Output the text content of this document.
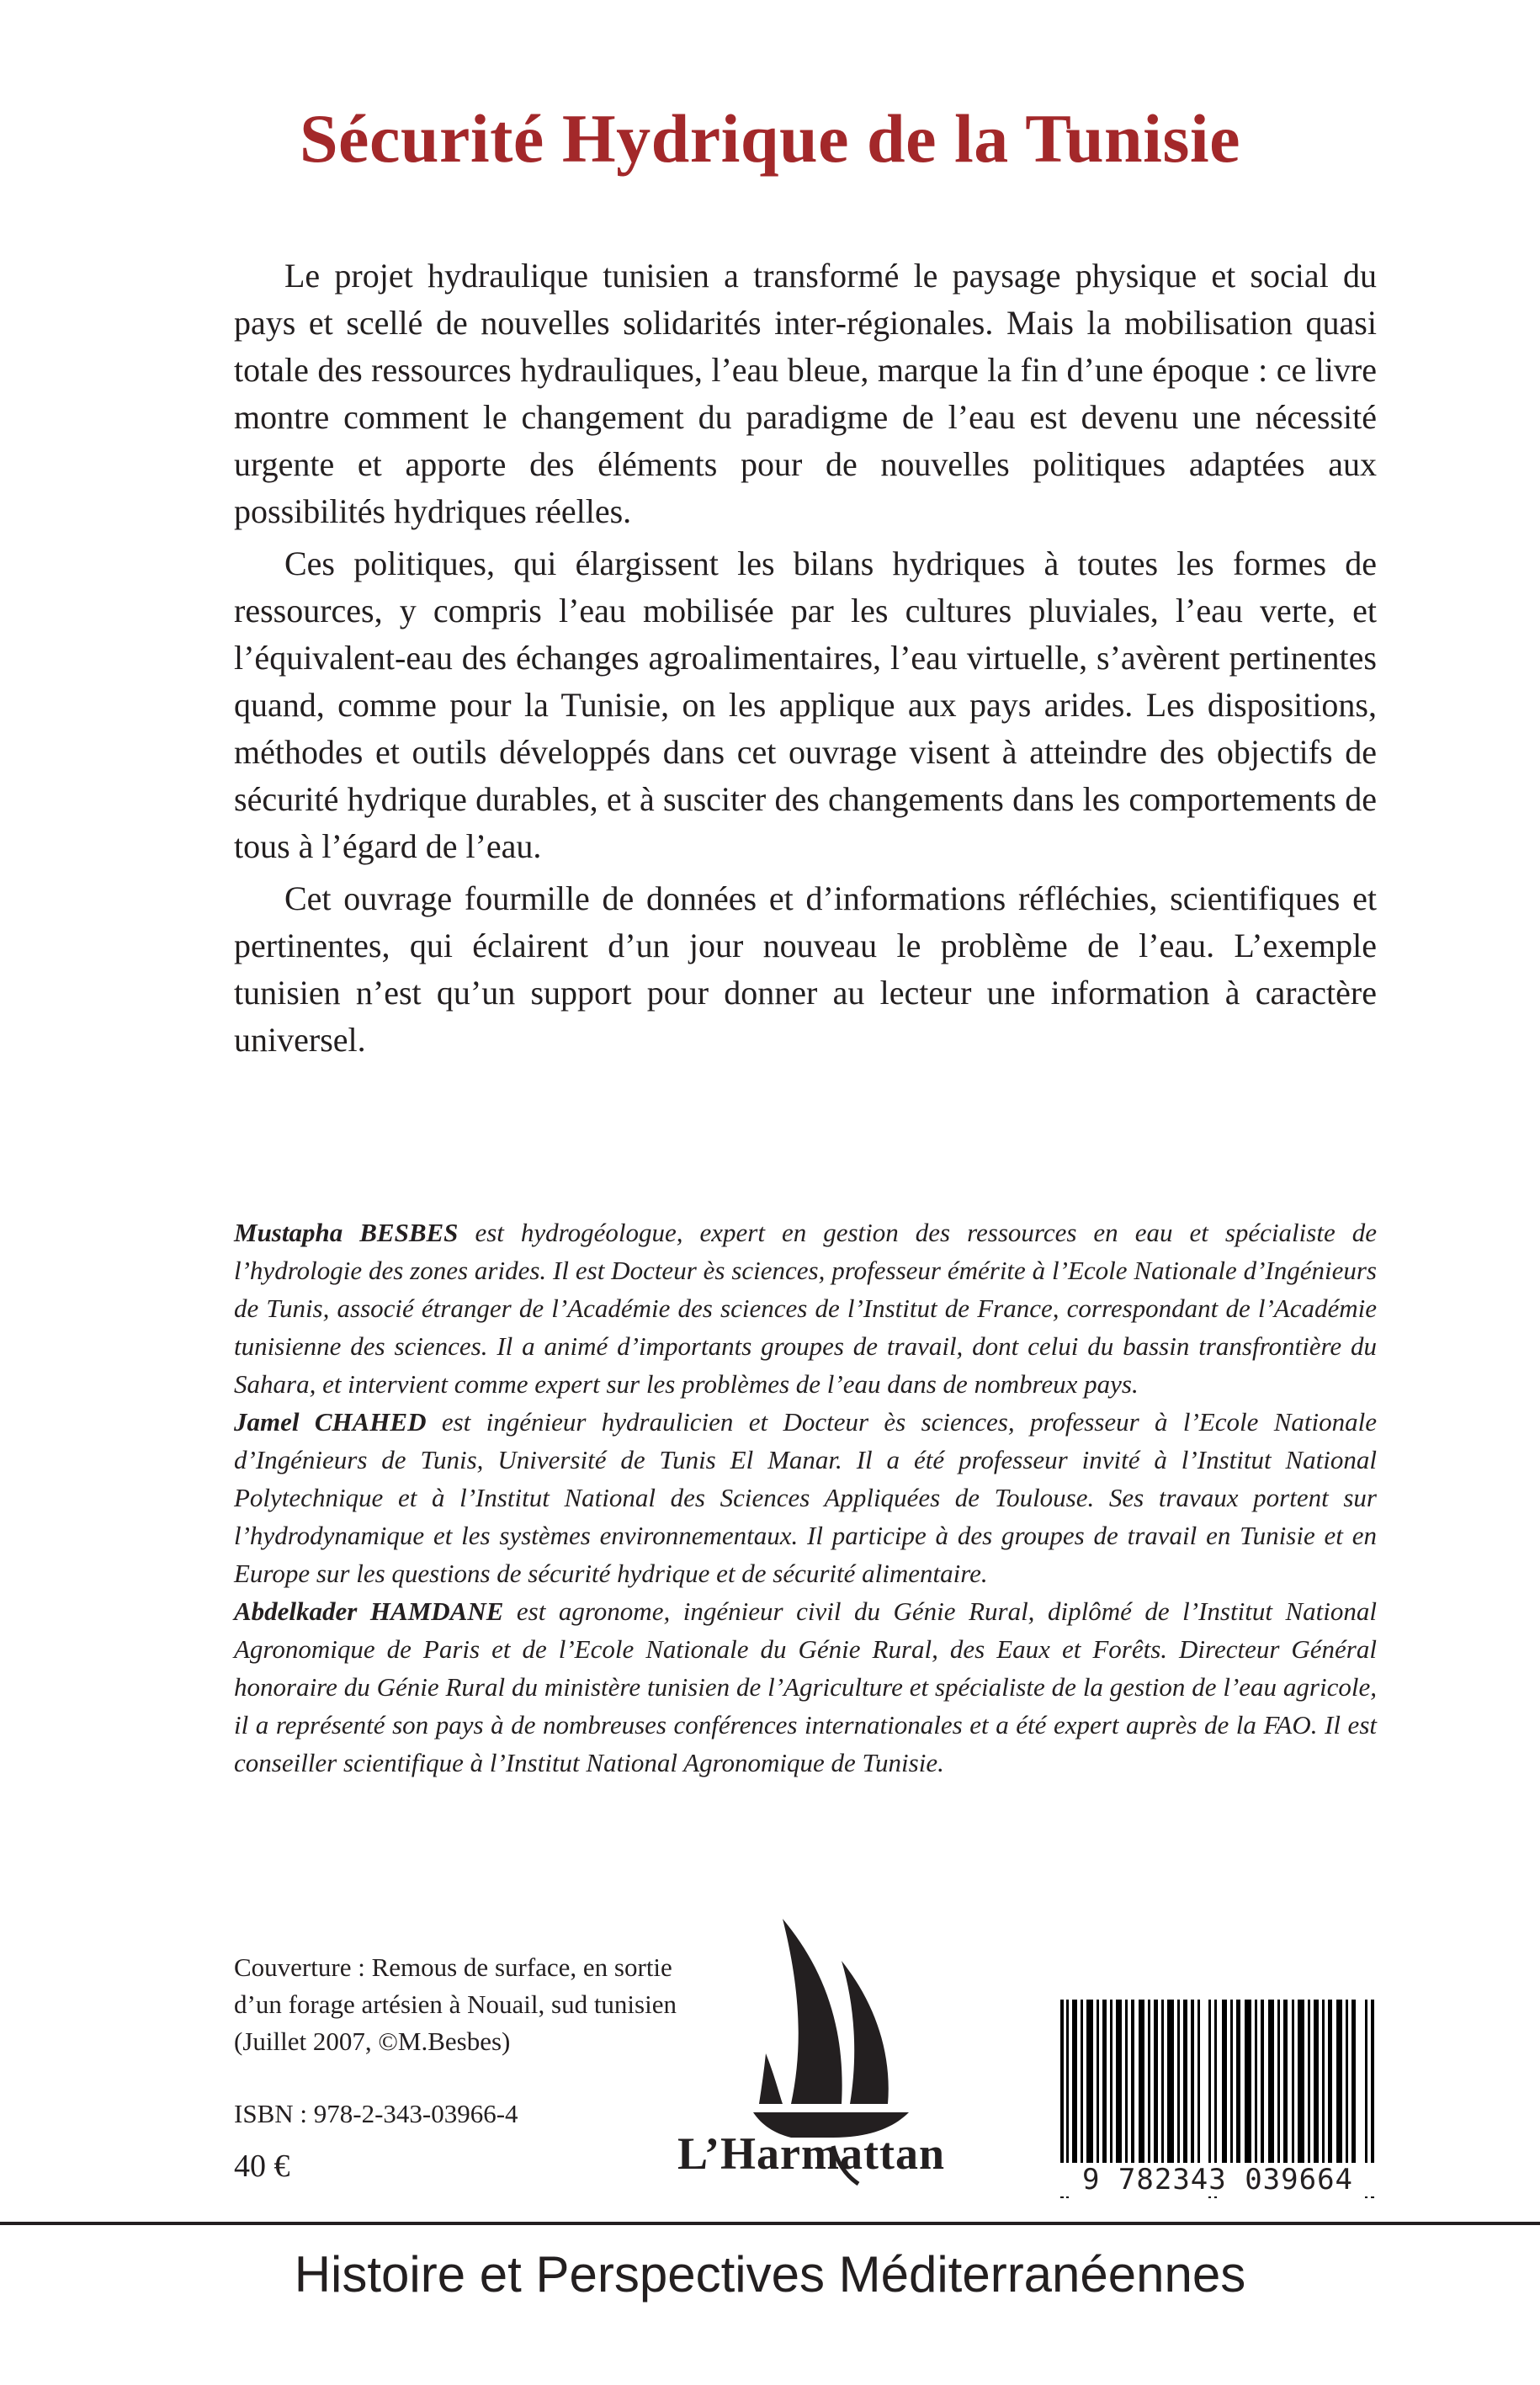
Sécurité Hydrique de la Tunisie

Le projet hydraulique tunisien a transformé le paysage physique et social du pays et scellé de nouvelles solidarités inter-régionales. Mais la mobilisation quasi totale des ressources hydrauliques, l’eau bleue, marque la fin d’une époque : ce livre montre comment le changement du paradigme de l’eau est devenu une nécessité urgente et apporte des éléments pour de nouvelles politiques adaptées aux possibilités hydriques réelles.

Ces politiques, qui élargissent les bilans hydriques à toutes les formes de ressources, y compris l’eau mobilisée par les cultures pluviales, l’eau verte, et l’équivalent-eau des échanges agroalimentaires, l’eau virtuelle, s’avèrent pertinentes quand, comme pour la Tunisie, on les applique aux pays arides. Les dispositions, méthodes et outils développés dans cet ouvrage visent à atteindre des objectifs de sécurité hydrique durables, et à susciter des changements dans les comportements de tous à l’égard de l’eau.

Cet ouvrage fourmille de données et d’informations réfléchies, scientifiques et pertinentes, qui éclairent d’un jour nouveau le problème de l’eau. L’exemple tunisien n’est qu’un support pour donner au lecteur une information à caractère universel.

Mustapha BESBES est hydrogéologue, expert en gestion des ressources en eau et spécialiste de l’hydrologie des zones arides. Il est Docteur ès sciences, professeur émérite à l’Ecole Nationale d’Ingénieurs de Tunis, associé étranger de l’Académie des sciences de l’Institut de France, correspondant de l’Académie tunisienne des sciences. Il a animé d’importants groupes de travail, dont celui du bassin transfrontière du Sahara, et intervient comme expert sur les problèmes de l’eau dans de nombreux pays.

Jamel CHAHED est ingénieur hydraulicien et Docteur ès sciences, professeur à l’Ecole Nationale d’Ingénieurs de Tunis, Université de Tunis El Manar. Il a été professeur invité à l’Institut National Polytechnique et à l’Institut National des Sciences Appliquées de Toulouse. Ses travaux portent sur l’hydrodynamique et les systèmes environnementaux. Il participe à des groupes de travail en Tunisie et en Europe sur les questions de sécurité hydrique et de sécurité alimentaire.

Abdelkader HAMDANE est agronome, ingénieur civil du Génie Rural, diplômé de l’Institut National Agronomique de Paris et de l’Ecole Nationale du Génie Rural, des Eaux et Forêts. Directeur Général honoraire du Génie Rural du ministère tunisien de l’Agriculture et spécialiste de la gestion de l’eau agricole, il a représenté son pays à de nombreuses conférences internationales et a été expert auprès de la FAO. Il est conseiller scientifique à l’Institut National Agronomique de Tunisie.

Couverture : Remous de surface, en sortie d’un forage artésien à Nouail, sud tunisien (Juillet 2007, ©M.Besbes)
ISBN : 978-2-343-03966-4
40 €	L’Harmattan
9 782343 039664
Histoire et Perspectives Méditerranéennes
